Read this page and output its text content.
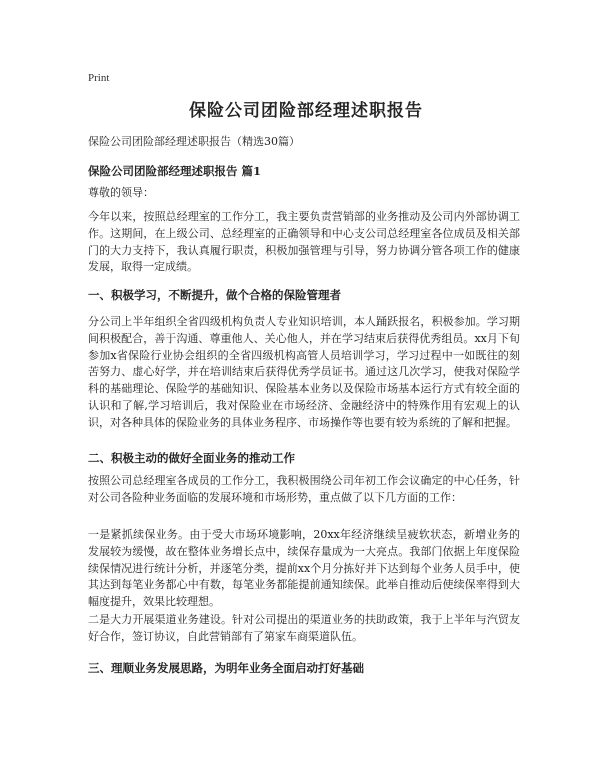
Print
保险公司团险部经理述职报告
保险公司团险部经理述职报告（精选30篇）
保险公司团险部经理述职报告 篇1
尊敬的领导：
今年以来，按照总经理室的工作分工，我主要负责营销部的业务推动及公司内外部协调工作。这期间，在上级公司、总经理室的正确领导和中心支公司总经理室各位成员及相关部门的大力支持下，我认真履行职责，积极加强管理与引导，努力协调分管各项工作的健康发展，取得一定成绩。
一、积极学习，不断提升，做个合格的保险管理者
分公司上半年组织全省四级机构负责人专业知识培训，本人踊跃报名，积极参加。学习期间积极配合，善于沟通、尊重他人、关心他人，并在学习结束后获得优秀组员。xx月下旬参加x省保险行业协会组织的全省四级机构高管人员培训学习，学习过程中一如既往的刻苦努力、虚心好学，并在培训结束后获得优秀学员证书。通过这几次学习，使我对保险学科的基础理论、保险学的基础知识、保险基本业务以及保险市场基本运行方式有较全面的认识和了解,学习培训后，我对保险业在市场经济、金融经济中的特殊作用有宏观上的认识，对各种具体的保险业务的具体业务程序、市场操作等也要有较为系统的了解和把握。
二、积极主动的做好全面业务的推动工作
按照公司总经理室各成员的工作分工，我积极围绕公司年初工作会议确定的中心任务，针对公司各险种业务面临的发展环境和市场形势，重点做了以下几方面的工作：
一是紧抓续保业务。由于受大市场环境影响，20xx年经济继续呈疲软状态，新增业务的发展较为缓慢，故在整体业务增长点中，续保存量成为一大亮点。我部门依据上年度保险续保情况进行统计分析，并逐笔分类，提前xx个月分拣好并下达到每个业务人员手中，使其达到每笔业务都心中有数，每笔业务都能提前通知续保。此举自推动后使续保率得到大幅度提升，效果比较理想。
二是大力开展渠道业务建设。针对公司提出的渠道业务的扶助政策，我于上半年与汽贸友好合作，签订协议，自此营销部有了第家车商渠道队伍。
三、理顺业务发展思路，为明年业务全面启动打好基础
